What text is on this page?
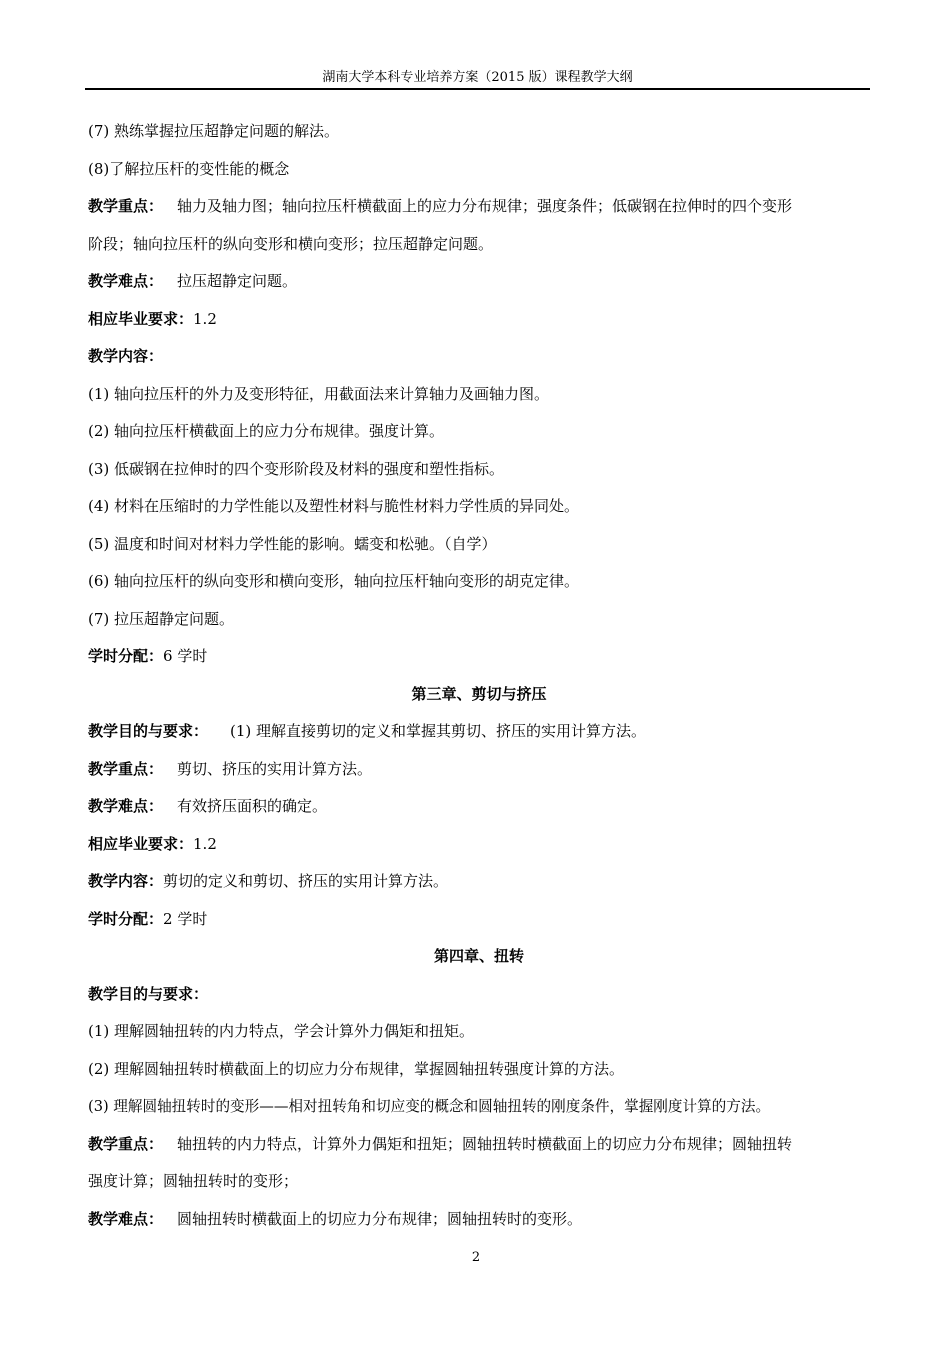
湖南大学本科专业培养方案（2015 版）课程教学大纲
(7) 熟练掌握拉压超静定问题的解法。
(8)了解拉压杆的变性能的概念
教学重点： 轴力及轴力图；轴向拉压杆横截面上的应力分布规律；强度条件；低碳钢在拉伸时的四个变形
阶段；轴向拉压杆的纵向变形和横向变形；拉压超静定问题。
教学难点： 拉压超静定问题。
相应毕业要求：1.2
教学内容：
(1) 轴向拉压杆的外力及变形特征，用截面法来计算轴力及画轴力图。
(2) 轴向拉压杆横截面上的应力分布规律。强度计算。
(3) 低碳钢在拉伸时的四个变形阶段及材料的强度和塑性指标。
(4) 材料在压缩时的力学性能以及塑性材料与脆性材料力学性质的异同处。
(5) 温度和时间对材料力学性能的影响。蠕变和松驰。（自学）
(6) 轴向拉压杆的纵向变形和横向变形，轴向拉压杆轴向变形的胡克定律。
(7) 拉压超静定问题。
学时分配：6 学时
第三章、剪切与挤压
教学目的与要求： (1) 理解直接剪切的定义和掌握其剪切、挤压的实用计算方法。
教学重点： 剪切、挤压的实用计算方法。
教学难点： 有效挤压面积的确定。
相应毕业要求：1.2
教学内容：剪切的定义和剪切、挤压的实用计算方法。
学时分配：2 学时
第四章、扭转
教学目的与要求：
(1) 理解圆轴扭转的内力特点，学会计算外力偶矩和扭矩。
(2) 理解圆轴扭转时横截面上的切应力分布规律，掌握圆轴扭转强度计算的方法。
(3) 理解圆轴扭转时的变形——相对扭转角和切应变的概念和圆轴扭转的刚度条件，掌握刚度计算的方法。
教学重点： 轴扭转的内力特点，计算外力偶矩和扭矩；圆轴扭转时横截面上的切应力分布规律；圆轴扭转
强度计算；圆轴扭转时的变形；
教学难点： 圆轴扭转时横截面上的切应力分布规律；圆轴扭转时的变形。
2
